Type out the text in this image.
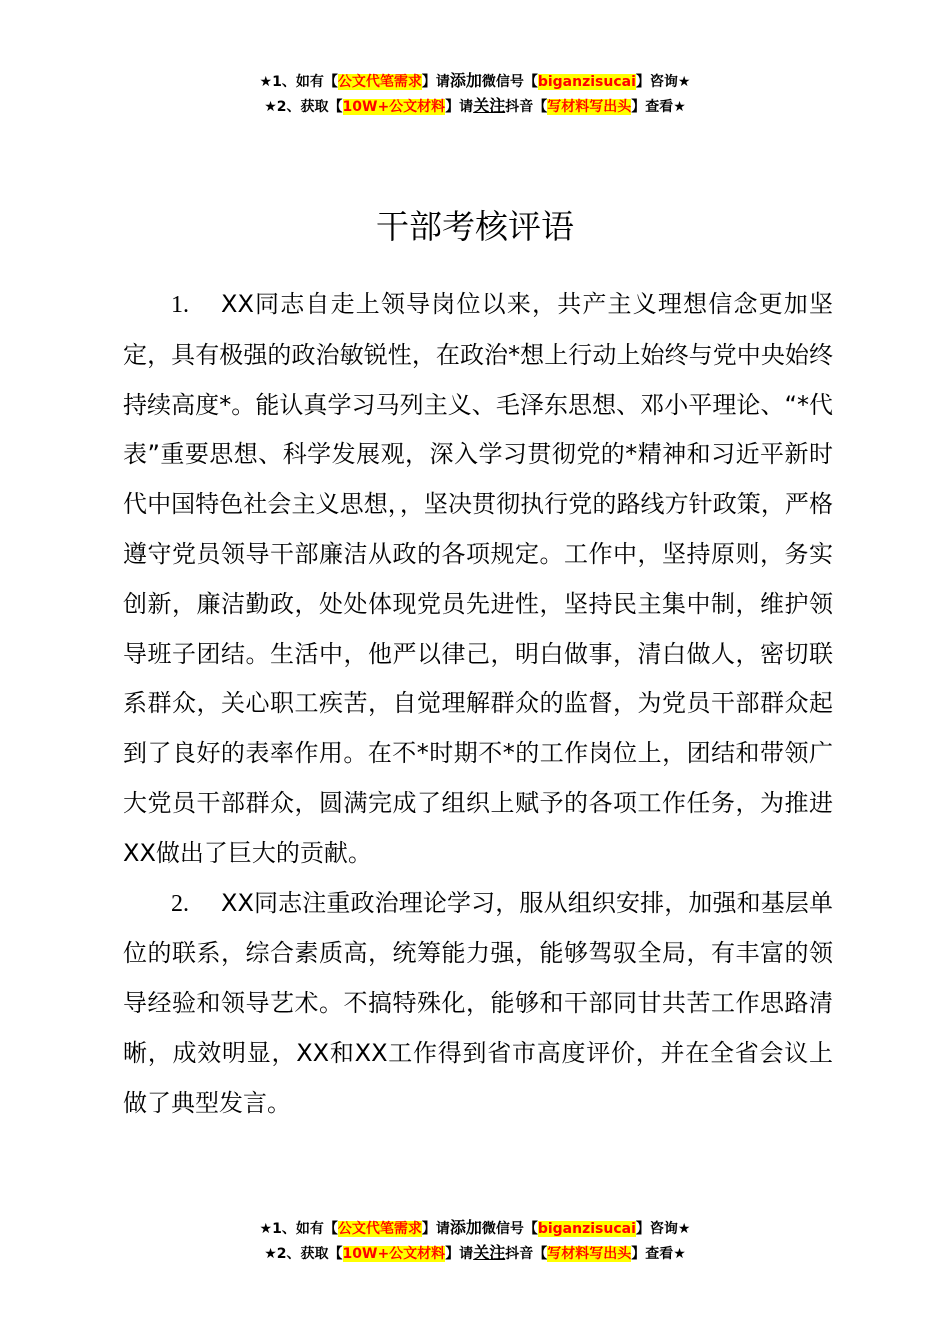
★1、如有【公文代笔需求】请添加微信号【biganzisucai】咨询★
★2、获取【10W+公文材料】请关注抖音【写材料写出头】查看★
干部考核评语

1. XX同志自走上领导岗位以来，共产主义理想信念更加坚定，具有极强的政治敏锐性，在政治*想上行动上始终与党中央始终持续高度*。能认真学习马列主义、毛泽东思想、邓小平理论、“*代表”重要思想、科学发展观，深入学习贯彻党的*精神和习近平新时代中国特色社会主义思想，，坚决贯彻执行党的路线方针政策，严格遵守党员领导干部廉洁从政的各项规定。工作中，坚持原则，务实创新，廉洁勤政，处处体现党员先进性，坚持民主集中制，维护领导班子团结。生活中，他严以律己，明白做事，清白做人，密切联系群众，关心职工疾苦，自觉理解群众的监督，为党员干部群众起到了良好的表率作用。在不*时期不*的工作岗位上，团结和带领广大党员干部群众，圆满完成了组织上赋予的各项工作任务，为推进XX做出了巨大的贡献。

2. XX同志注重政治理论学习，服从组织安排，加强和基层单位的联系，综合素质高，统筹能力强，能够驾驭全局，有丰富的领导经验和领导艺术。不搞特殊化，能够和干部同甘共苦工作思路清晰，成效明显，XX和XX工作得到省市高度评价，并在全省会议上做了典型发言。

★1、如有【公文代笔需求】请添加微信号【biganzisucai】咨询★
★2、获取【10W+公文材料】请关注抖音【写材料写出头】查看★
